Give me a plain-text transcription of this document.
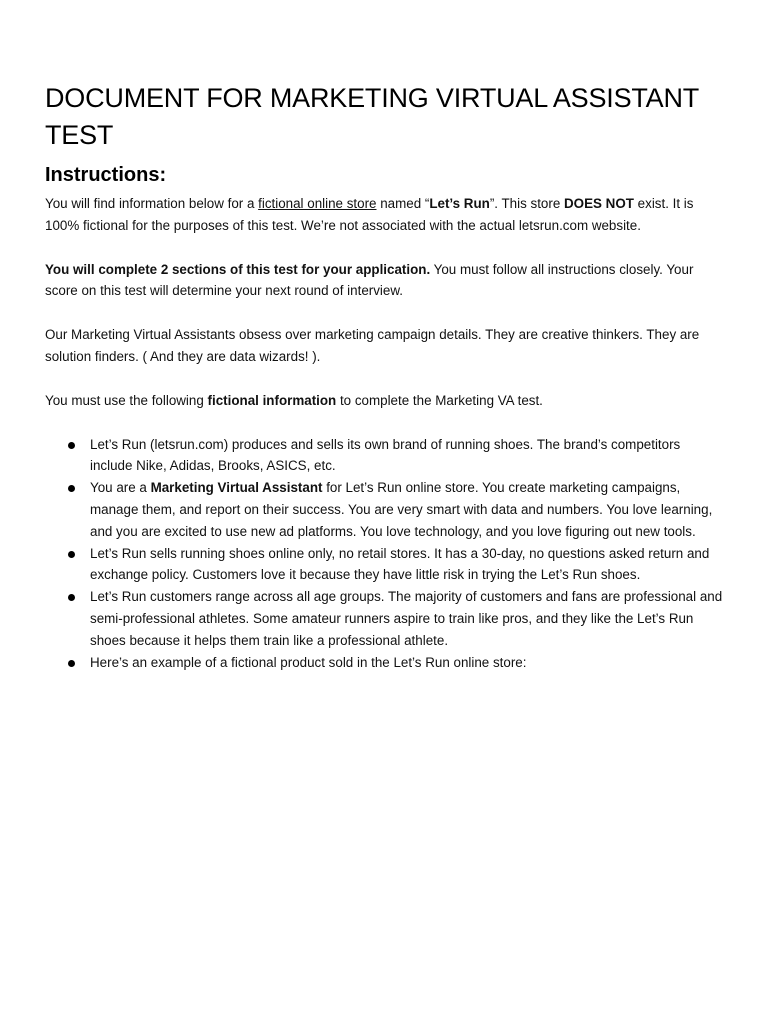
DOCUMENT FOR MARKETING VIRTUAL ASSISTANT TEST
Instructions:

You will find information below for a fictional online store named “Let’s Run”. This store DOES NOT exist. It is 100% fictional for the purposes of this test. We’re not associated with the actual letsrun.com website.

You will complete 2 sections of this test for your application. You must follow all instructions closely. Your score on this test will determine your next round of interview.

Our Marketing Virtual Assistants obsess over marketing campaign details. They are creative thinkers. They are solution finders. ( And they are data wizards! ).

You must use the following fictional information to complete the Marketing VA test.

Let’s Run (letsrun.com) produces and sells its own brand of running shoes. The brand’s competitors include Nike, Adidas, Brooks, ASICS, etc.
You are a Marketing Virtual Assistant for Let’s Run online store. You create marketing campaigns, manage them, and report on their success. You are very smart with data and numbers. You love learning, and you are excited to use new ad platforms. You love technology, and you love figuring out new tools.
Let’s Run sells running shoes online only, no retail stores. It has a 30-day, no questions asked return and exchange policy. Customers love it because they have little risk in trying the Let’s Run shoes.
Let’s Run customers range across all age groups. The majority of customers and fans are professional and semi-professional athletes. Some amateur runners aspire to train like pros, and they like the Let’s Run shoes because it helps them train like a professional athlete.
Here’s an example of a fictional product sold in the Let’s Run online store:
